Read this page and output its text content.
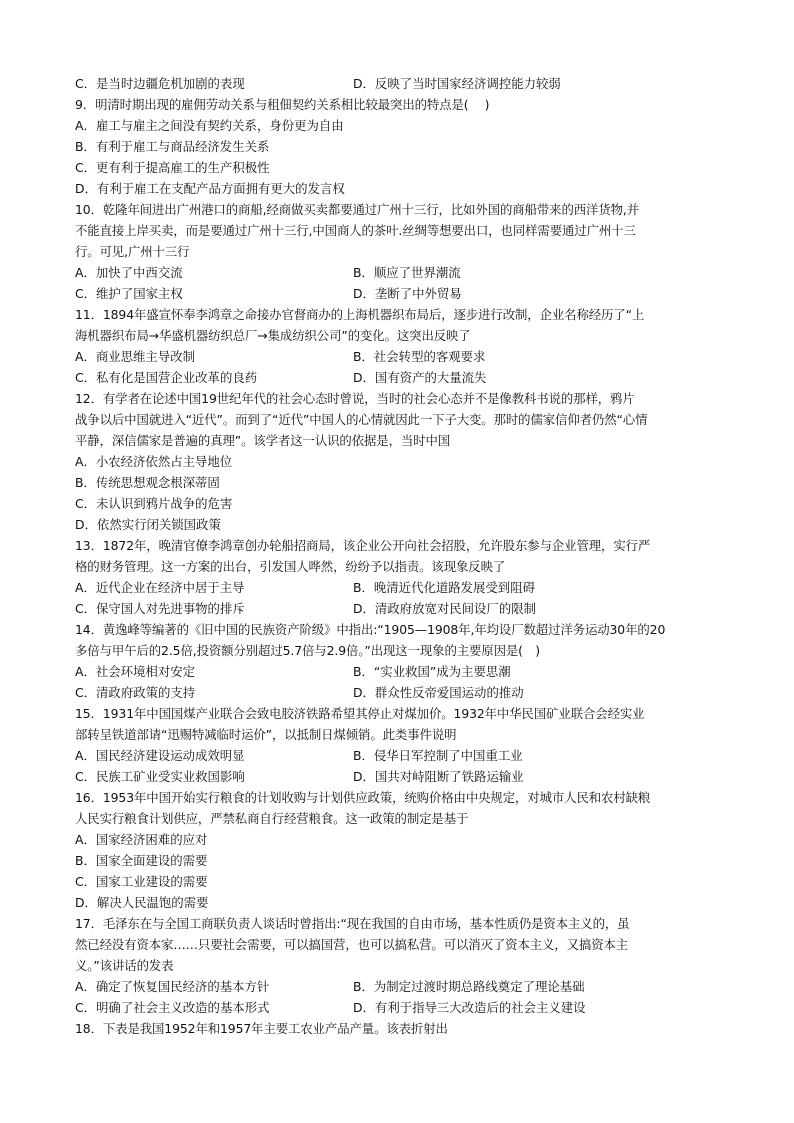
C．是当时边疆危机加剧的表现	D．反映了当时国家经济调控能力较弱
9．明清时期出现的雇佣劳动关系与租佃契约关系相比较最突出的特点是(　 )
A．雇工与雇主之间没有契约关系，身份更为自由
B．有利于雇工与商品经济发生关系
C．更有利于提高雇工的生产积极性
D．有利于雇工在支配产品方面拥有更大的发言权
10．乾隆年间进出广州港口的商船,经商做买卖都要通过广州十三行，比如外国的商船带来的西洋货物,并
不能直接上岸买卖，而是要通过广州十三行,中国商人的茶叶.丝绸等想要出口，也同样需要通过广州十三
行。可见,广州十三行
A．加快了中西交流	B．顺应了世界潮流
C．维护了国家主权	D．垄断了中外贸易
11．1894年盛宣怀奉李鸿章之命接办官督商办的上海机器织布局后，逐步进行改制，企业名称经历了“上
海机器织布局→华盛机器纺织总厂→集成纺织公司”的变化。这突出反映了
A．商业思维主导改制	B．社会转型的客观要求
C．私有化是国营企业改革的良药	D．国有资产的大量流失
12．有学者在论述中国19世纪年代的社会心态时曾说，当时的社会心态并不是像教科书说的那样，鸦片
战争以后中国就进入“近代”。而到了“近代”中国人的心情就因此一下子大变。那时的儒家信仰者仍然“心情
平静，深信儒家是普遍的真理”。该学者这一认识的依据是，当时中国
A．小农经济依然占主导地位
B．传统思想观念根深蒂固
C．未认识到鸦片战争的危害
D．依然实行闭关锁国政策
13．1872年，晚清官僚李鸿章创办轮船招商局，该企业公开向社会招股，允许股东参与企业管理，实行严
格的财务管理。这一方案的出台，引发国人哗然，纷纷予以指责。该现象反映了
A．近代企业在经济中居于主导	B．晚清近代化道路发展受到阻碍
C．保守国人对先进事物的排斥	D．清政府放宽对民间设厂的限制
14．黄逸峰等编著的《旧中国的民族资产阶级》中指出:“1905—1908年,年均设厂数超过洋务运动30年的20
多倍与甲午后的2.5倍,投资额分别超过5.7倍与2.9倍。”出现这一现象的主要原因是(　)
A．社会环境相对安定	B．“实业救国”成为主要思潮
C．清政府政策的支持	D．群众性反帝爱国运动的推动
15．1931年中国国煤产业联合会致电胶济铁路希望其停止对煤加价。1932年中华民国矿业联合会经实业
部转呈铁道部请“迅赐特减临时运价”，以抵制日煤倾销。此类事件说明
A．国民经济建设运动成效明显	B．侵华日军控制了中国重工业
C．民族工矿业受实业救国影响	D．国共对峙阻断了铁路运输业
16．1953年中国开始实行粮食的计划收购与计划供应政策，统购价格由中央规定，对城市人民和农村缺粮
人民实行粮食计划供应，严禁私商自行经营粮食。这一政策的制定是基于
A．国家经济困难的应对
B．国家全面建设的需要
C．国家工业建设的需要
D．解决人民温饱的需要
17．毛泽东在与全国工商联负责人谈话时曾指出:“现在我国的自由市场，基本性质仍是资本主义的，虽
然已经没有资本家……只要社会需要，可以搞国营，也可以搞私营。可以消灭了资本主义，又搞资本主
义。”该讲话的发表
A．确定了恢复国民经济的基本方针	B．为制定过渡时期总路线奠定了理论基础
C．明确了社会主义改造的基本形式	D．有利于指导三大改造后的社会主义建设
18．下表是我国1952年和1957年主要工农业产品产量。该表折射出
